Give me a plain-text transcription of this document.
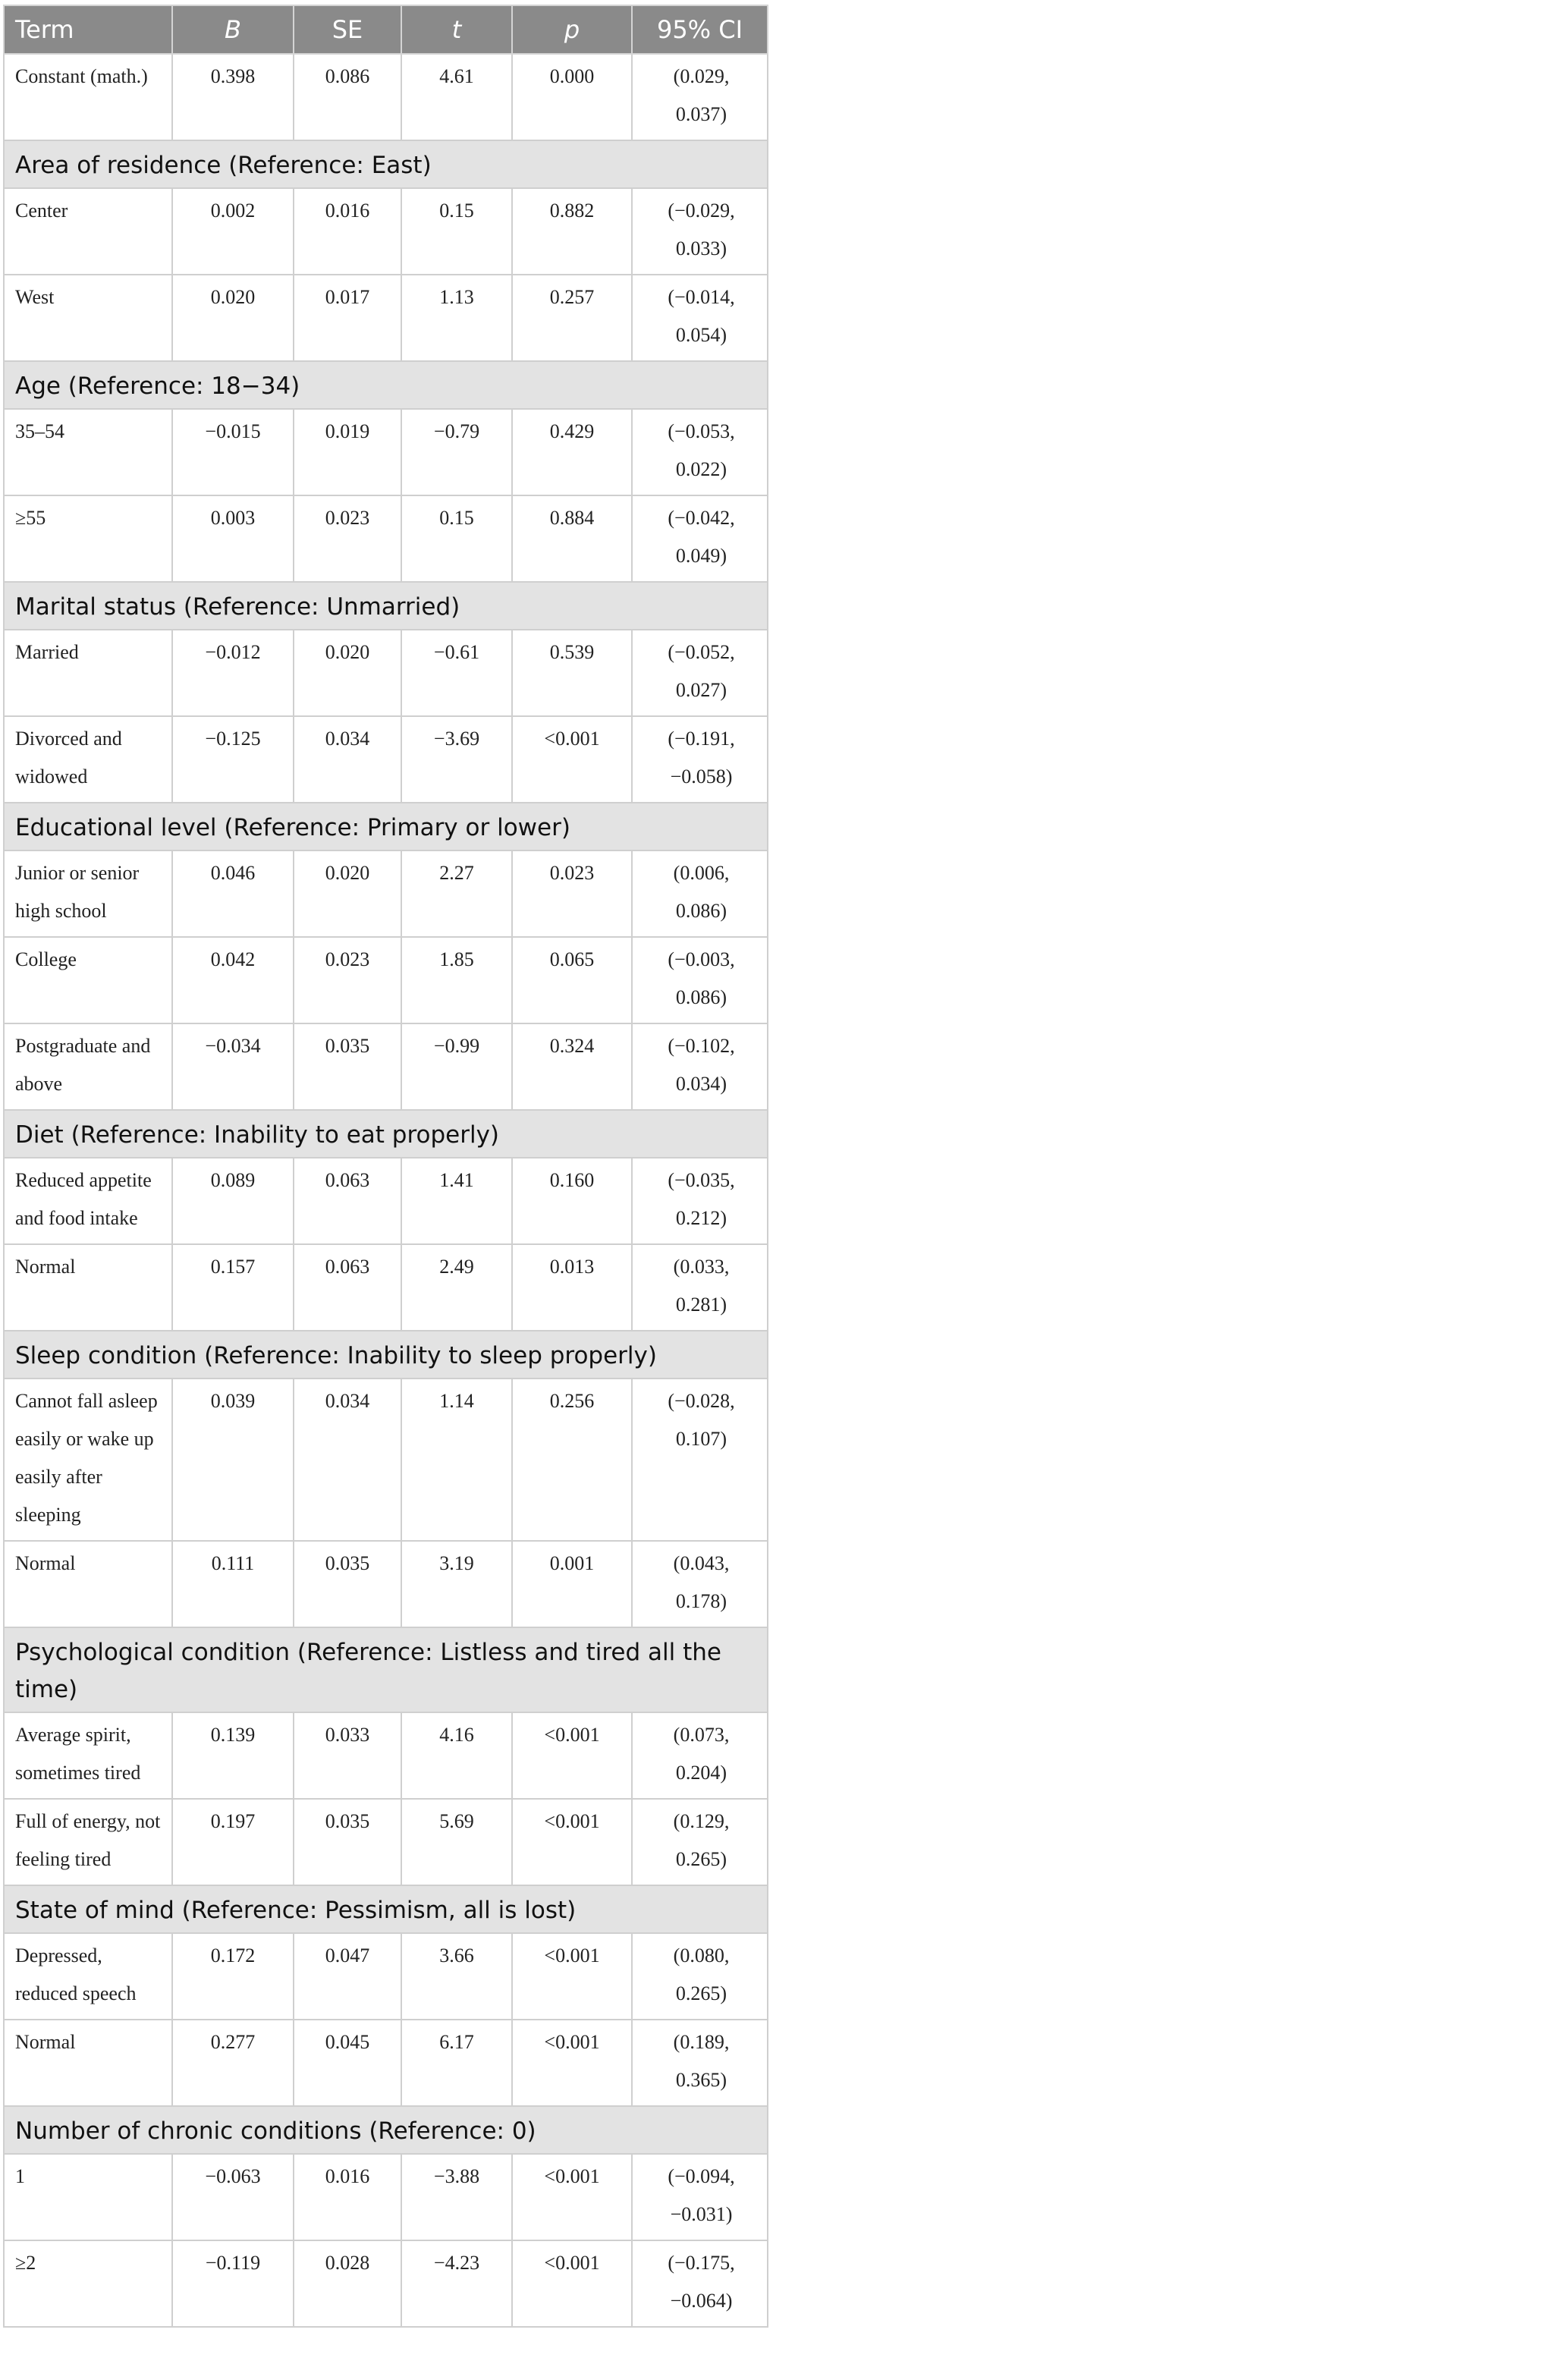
Term	B	SE	t	p	95% CI
Constant (math.)	0.398	0.086	4.61	0.000	(0.029, 0.037)
Area of residence (Reference: East)					
Center	0.002	0.016	0.15	0.882	(−0.029, 0.033)
West	0.020	0.017	1.13	0.257	(−0.014, 0.054)
Age (Reference: 18−34)					
35–54	−0.015	0.019	−0.79	0.429	(−0.053, 0.022)
≥55	0.003	0.023	0.15	0.884	(−0.042, 0.049)
Marital status (Reference: Unmarried)					
Married	−0.012	0.020	−0.61	0.539	(−0.052, 0.027)
Divorced and widowed	−0.125	0.034	−3.69	<0.001	(−0.191, −0.058)
Educational level (Reference: Primary or lower)					
Junior or senior high school	0.046	0.020	2.27	0.023	(0.006, 0.086)
College	0.042	0.023	1.85	0.065	(−0.003, 0.086)
Postgraduate and above	−0.034	0.035	−0.99	0.324	(−0.102, 0.034)
Diet (Reference: Inability to eat properly)					
Reduced appetite and food intake	0.089	0.063	1.41	0.160	(−0.035, 0.212)
Normal	0.157	0.063	2.49	0.013	(0.033, 0.281)
Sleep condition (Reference: Inability to sleep properly)					
Cannot fall asleep easily or wake up easily after sleeping	0.039	0.034	1.14	0.256	(−0.028, 0.107)
Normal	0.111	0.035	3.19	0.001	(0.043, 0.178)
Psychological condition (Reference: Listless and tired all the time)					
Average spirit, sometimes tired	0.139	0.033	4.16	<0.001	(0.073, 0.204)
Full of energy, not feeling tired	0.197	0.035	5.69	<0.001	(0.129, 0.265)
State of mind (Reference: Pessimism, all is lost)					
Depressed, reduced speech	0.172	0.047	3.66	<0.001	(0.080, 0.265)
Normal	0.277	0.045	6.17	<0.001	(0.189, 0.365)
Number of chronic conditions (Reference: 0)					
1	−0.063	0.016	−3.88	<0.001	(−0.094, −0.031)
≥2	−0.119	0.028	−4.23	<0.001	(−0.175, −0.064)
